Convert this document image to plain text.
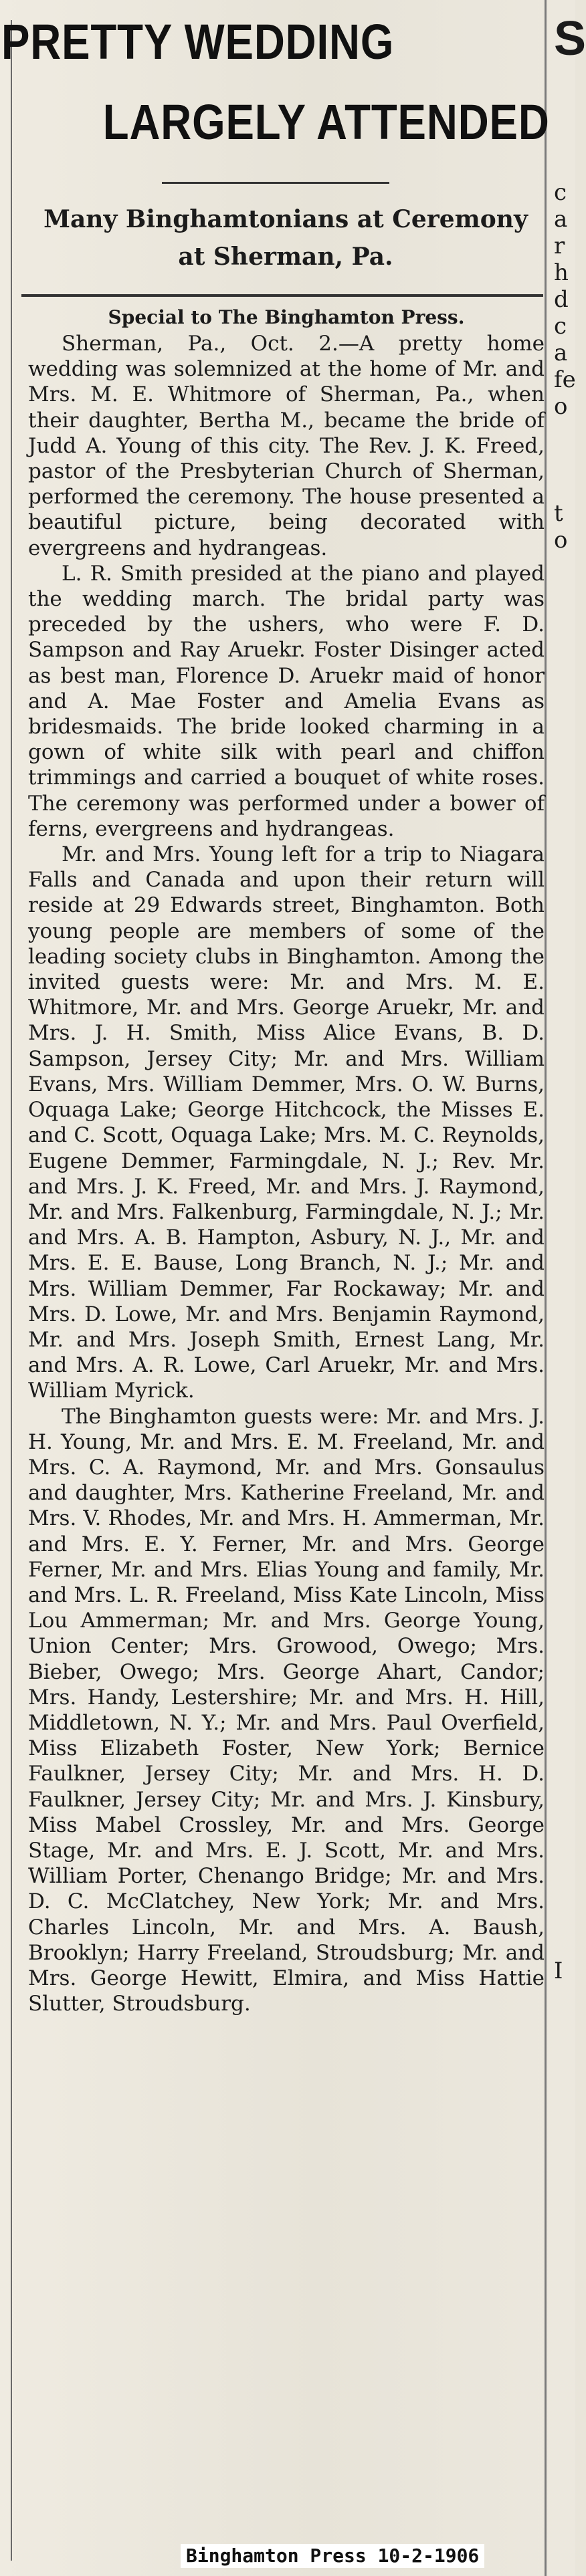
S
c
a
r
h
d
c
a
fe
o
t
o
I
PRETTY WEDDING
LARGELY ATTENDED
Many Binghamtonians at Ceremony at Sherman, Pa.

Special to The Binghamton Press.

Sherman, Pa., Oct. 2.—A pretty home wedding was solemnized at the home of Mr. and Mrs. M. E. Whitmore of Sherman, Pa., when their daughter, Bertha M., became the bride of Judd A. Young of this city. The Rev. J. K. Freed, pastor of the Presbyterian Church of Sherman, performed the ceremony. The house presented a beautiful picture, being decorated with evergreens and hydrangeas.

L. R. Smith presided at the piano and played the wedding march. The bridal party was preceded by the ushers, who were F. D. Sampson and Ray Aruekr. Foster Disinger acted as best man, Florence D. Aruekr maid of honor and A. Mae Foster and Amelia Evans as bridesmaids. The bride looked charming in a gown of white silk with pearl and chiffon trimmings and carried a bouquet of white roses. The ceremony was performed under a bower of ferns, evergreens and hydrangeas.

Mr. and Mrs. Young left for a trip to Niagara Falls and Canada and upon their return will reside at 29 Edwards street, Binghamton. Both young people are members of some of the leading society clubs in Binghamton. Among the invited guests were: Mr. and Mrs. M. E. Whitmore, Mr. and Mrs. George Aruekr, Mr. and Mrs. J. H. Smith, Miss Alice Evans, B. D. Sampson, Jersey City; Mr. and Mrs. William Evans, Mrs. William Demmer, Mrs. O. W. Burns, Oquaga Lake; George Hitchcock, the Misses E. and C. Scott, Oquaga Lake; Mrs. M. C. Reynolds, Eugene Demmer, Farmingdale, N. J.; Rev. Mr. and Mrs. J. K. Freed, Mr. and Mrs. J. Raymond, Mr. and Mrs. Falkenburg, Farmingdale, N. J.; Mr. and Mrs. A. B. Hampton, Asbury, N. J., Mr. and Mrs. E. E. Bause, Long Branch, N. J.; Mr. and Mrs. William Demmer, Far Rockaway; Mr. and Mrs. D. Lowe, Mr. and Mrs. Benjamin Raymond, Mr. and Mrs. Joseph Smith, Ernest Lang, Mr. and Mrs. A. R. Lowe, Carl Aruekr, Mr. and Mrs. William Myrick.

The Binghamton guests were: Mr. and Mrs. J. H. Young, Mr. and Mrs. E. M. Freeland, Mr. and Mrs. C. A. Raymond, Mr. and Mrs. Gonsaulus and daughter, Mrs. Katherine Freeland, Mr. and Mrs. V. Rhodes, Mr. and Mrs. H. Ammerman, Mr. and Mrs. E. Y. Ferner, Mr. and Mrs. George Ferner, Mr. and Mrs. Elias Young and family, Mr. and Mrs. L. R. Freeland, Miss Kate Lincoln, Miss Lou Ammerman; Mr. and Mrs. George Young, Union Center; Mrs. Growood, Owego; Mrs. Bieber, Owego; Mrs. George Ahart, Candor; Mrs. Handy, Lestershire; Mr. and Mrs. H. Hill, Middletown, N. Y.; Mr. and Mrs. Paul Overfield, Miss Elizabeth Foster, New York; Bernice Faulkner, Jersey City; Mr. and Mrs. H. D. Faulkner, Jersey City; Mr. and Mrs. J. Kinsbury, Miss Mabel Crossley, Mr. and Mrs. George Stage, Mr. and Mrs. E. J. Scott, Mr. and Mrs. William Porter, Chenango Bridge; Mr. and Mrs. D. C. McClatchey, New York; Mr. and Mrs. Charles Lincoln, Mr. and Mrs. A. Baush, Brooklyn; Harry Freeland, Stroudsburg; Mr. and Mrs. George Hewitt, Elmira, and Miss Hattie Slutter, Stroudsburg.

Binghamton Press 10-2-1906
